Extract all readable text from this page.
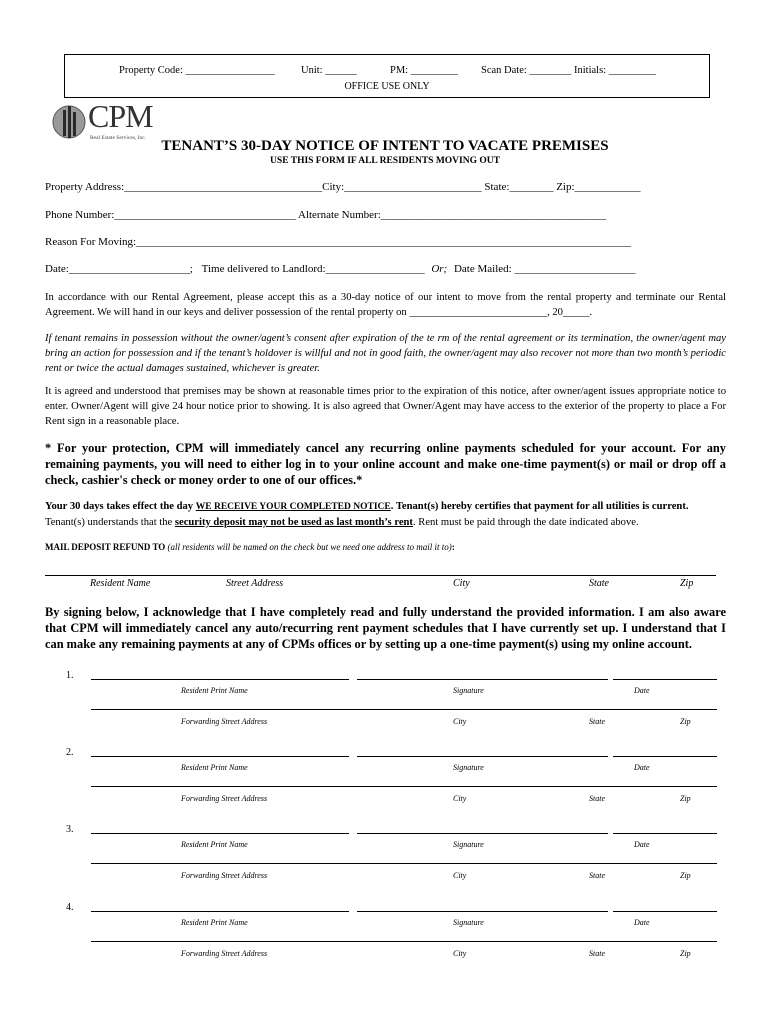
Property Code: _________________	Unit: ______	PM: _________ Scan Date: ________ Initials: _________
OFFICE USE ONLY
CPM
Real Estate Services, Inc.	TENANT’S 30-DAY NOTICE OF INTENT TO VACATE PREMISES
USE THIS FORM IF ALL RESIDENTS MOVING OUT
Property Address:____________________________________City:_________________________ State:________ Zip:____________
Phone Number:_________________________________ Alternate Number:_________________________________________
Reason For Moving:__________________________________________________________________________________________
Date:______________________; Time delivered to Landlord:__________________ Or; Date Mailed: ______________________
In accordance with our Rental Agreement, please accept this as a 30-day notice of our intent to move from the rental property and terminate our Rental Agreement. We will hand in our keys and deliver possession of the rental property on __________________________, 20_____.
If tenant remains in possession without the owner/agent’s consent after expiration of the te rm of the rental agreement or its termination, the owner/agent may bring an action for possession and if the tenant’s holdover is willful and not in good faith, the owner/agent may also recover not more than two month’s periodic rent or twice the actual damages sustained, whichever is greater.
It is agreed and understood that premises may be shown at reasonable times prior to the expiration of this notice, after owner/agent issues appropriate notice to enter. Owner/Agent will give 24 hour notice prior to showing. It is also agreed that Owner/Agent may have access to the exterior of the property to place a For Rent sign in a reasonable place.
* For your protection, CPM will immediately cancel any recurring online payments scheduled for your account. For any remaining payments, you will need to either log in to your online account and make one-time payment(s) or mail or drop off a check, cashier's check or money order to one of our offices.*
Your 30 days takes effect the day WE RECEIVE YOUR COMPLETED NOTICE. Tenant(s) hereby certifies that payment for all utilities is current.
Tenant(s) understands that the security deposit may not be used as last month’s rent. Rent must be paid through the date indicated above.
MAIL DEPOSIT REFUND TO (all residents will be named on the check but we need one address to mail it to):
Resident Name	Street Address	City	State	Zip
By signing below, I acknowledge that I have completely read and fully understand the provided information. I am also aware that CPM will immediately cancel any auto/recurring rent payment schedules that I have currently set up. I understand that I can make any remaining payments at any of CPMs offices or by setting up a one-time payment(s) using my online account.
1.
Resident Print Name	Signature	Date
Forwarding Street Address	City	State	Zip
2.
Resident Print Name	Signature	Date
Forwarding Street Address	City	State	Zip
3.
Resident Print Name	Signature	Date
Forwarding Street Address	City	State	Zip
4.
Resident Print Name	Signature	Date
Forwarding Street Address	City	State	Zip
